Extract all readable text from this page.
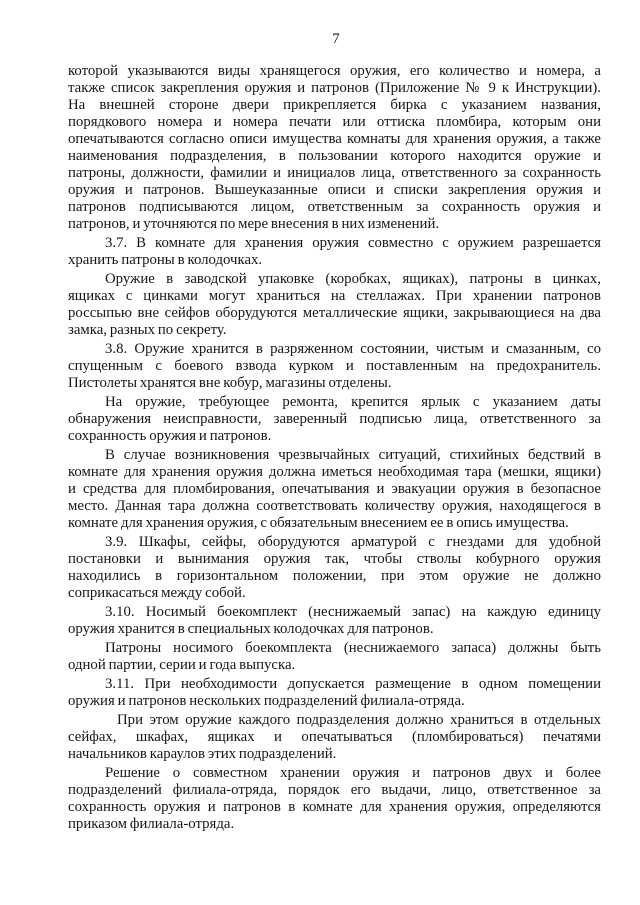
7
которой указываются виды хранящегося оружия, его количество и номера, а
также список закрепления оружия и патронов (Приложение № 9 к Инструкции).
На внешней стороне двери прикрепляется бирка с указанием названия,
порядкового номера и номера печати или оттиска пломбира, которым они
опечатываются согласно описи имущества комнаты для хранения оружия, а также
наименования подразделения, в пользовании которого находится оружие и
патроны, должности, фамилии и инициалов лица, ответственного за сохранность
оружия и патронов. Вышеуказанные описи и списки закрепления оружия и
патронов подписываются лицом, ответственным за сохранность оружия и
патронов, и уточняются по мере внесения в них изменений.
3.7. В комнате для хранения оружия совместно с оружием разрешается
хранить патроны в колодочках.
Оружие в заводской упаковке (коробках, ящиках), патроны в цинках,
ящиках с цинками могут храниться на стеллажах. При хранении патронов
россыпью вне сейфов оборудуются металлические ящики, закрывающиеся на два
замка, разных по секрету.
3.8. Оружие хранится в разряженном состоянии, чистым и смазанным, со
спущенным с боевого взвода курком и поставленным на предохранитель.
Пистолеты хранятся вне кобур, магазины отделены.
На оружие, требующее ремонта, крепится ярлык с указанием даты
обнаружения неисправности, заверенный подписью лица, ответственного за
сохранность оружия и патронов.
В случае возникновения чрезвычайных ситуаций, стихийных бедствий в
комнате для хранения оружия должна иметься необходимая тара (мешки, ящики)
и средства для пломбирования, опечатывания и эвакуации оружия в безопасное
место. Данная тара должна соответствовать количеству оружия, находящегося в
комнате для хранения оружия, с обязательным внесением ее в опись имущества.
3.9. Шкафы, сейфы, оборудуются арматурой с гнездами для удобной
постановки и вынимания оружия так, чтобы стволы кобурного оружия
находились в горизонтальном положении, при этом оружие не должно
соприкасаться между собой.
3.10. Носимый боекомплект (неснижаемый запас) на каждую единицу
оружия хранится в специальных колодочках для патронов.
Патроны носимого боекомплекта (неснижаемого запаса) должны быть
одной партии, серии и года выпуска.
3.11. При необходимости допускается размещение в одном помещении
оружия и патронов нескольких подразделений филиала-отряда.
При этом оружие каждого подразделения должно храниться в отдельных
сейфах, шкафах, ящиках и опечатываться (пломбироваться) печатями
начальников караулов этих подразделений.
Решение о совместном хранении оружия и патронов двух и более
подразделений филиала-отряда, порядок его выдачи, лицо, ответственное за
сохранность оружия и патронов в комнате для хранения оружия, определяются
приказом филиала-отряда.
